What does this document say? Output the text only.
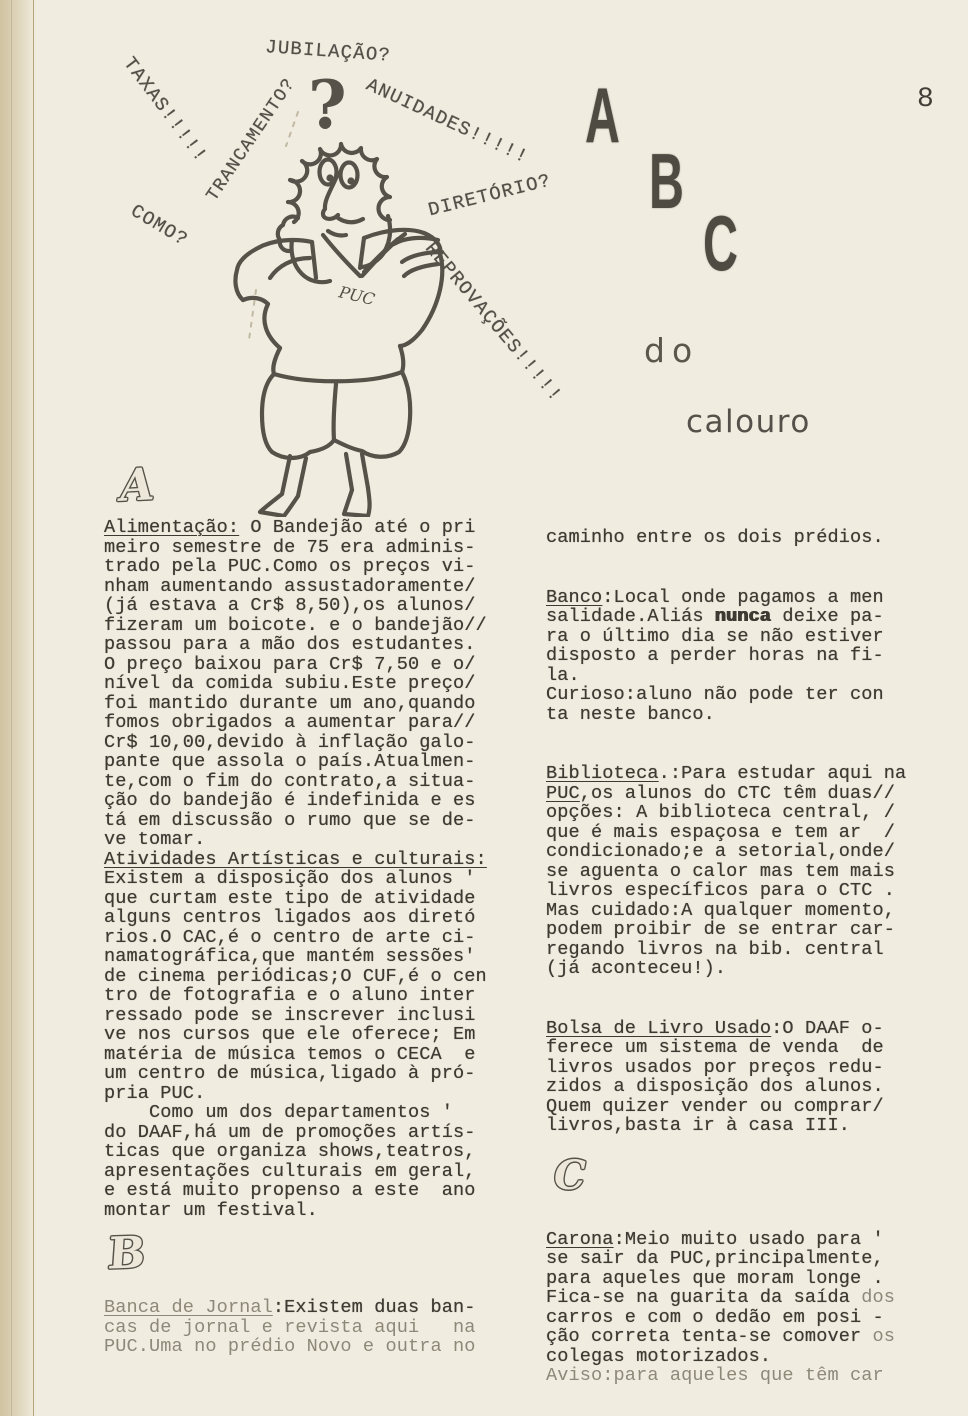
8
A
B
C
do
calouro
JUBILAÇÃO?
TAXAS!!!!!
TRANCAMENTO?
COMO?
ANUIDADES!!!!!
DIRETÓRIO?
REPROVAÇÕES!!!!!
?
PUC
A
Alimentação: O Bandejão até o pri
meiro semestre de 75 era adminis-
trado pela PUC.Como os preços vi-
nham aumentando assustadoramente/
(já estava a Cr$ 8,50),os alunos/
fizeram um boicote. e o bandejão//
passou para a mão dos estudantes.
O preço baixou para Cr$ 7,50 e o/
nível da comida subiu.Este preço/
foi mantido durante um ano,quando
fomos obrigados a aumentar para//
Cr$ 10,00,devido à inflação galo-
pante que assola o país.Atualmen-
te,com o fim do contrato,a situa-
ção do bandejão é indefinida e es
tá em discussão o rumo que se de-
ve tomar.
Atividades Artísticas e culturais:
Existem a disposição dos alunos '
que curtam este tipo de atividade
alguns centros ligados aos diretó
rios.O CAC,é o centro de arte ci-
namatográfica,que mantém sessões'
de cinema periódicas;O CUF,é o cen
tro de fotografia e o aluno inter
ressado pode se inscrever inclusi
ve nos cursos que ele oferece; Em
matéria de música temos o CECA  e
um centro de música,ligado à pró-
pria PUC.
Como um dos departamentos '
do DAAF,há um de promoções artís-
ticas que organiza shows,teatros,
apresentações culturais em geral,
e está muito propenso a este  ano
montar um festival.
B
Banca de Jornal:Existem duas ban-
cas de jornal e revista aqui   na
PUC.Uma no prédio Novo e outra no
caminho entre os dois prédios.
Banco:Local onde pagamos a men
salidade.Aliás nunca deixe pa-
ra o último dia se não estiver
disposto a perder horas na fi-
la.
Curioso:aluno não pode ter con
ta neste banco.
Biblioteca.:Para estudar aqui na
PUC,os alunos do CTC têm duas//
opções: A biblioteca central, /
que é mais espaçosa e tem ar  /
condicionado;e a setorial,onde/
se aguenta o calor mas tem mais
livros específicos para o CTC .
Mas cuidado:A qualquer momento,
podem proibir de se entrar car-
regando livros na bib. central
(já aconteceu!).
Bolsa de Livro Usado:O DAAF o-
ferece um sistema de venda  de
livros usados por preços redu-
zidos a disposição dos alunos.
Quem quizer vender ou comprar/
livros,basta ir à casa III.
C
Carona:Meio muito usado para '
se sair da PUC,principalmente,
para aqueles que moram longe .
Fica-se na guarita da saída dos
carros e com o dedão em posi -
ção correta tenta-se comover os
colegas motorizados.
Aviso:para aqueles que têm car
